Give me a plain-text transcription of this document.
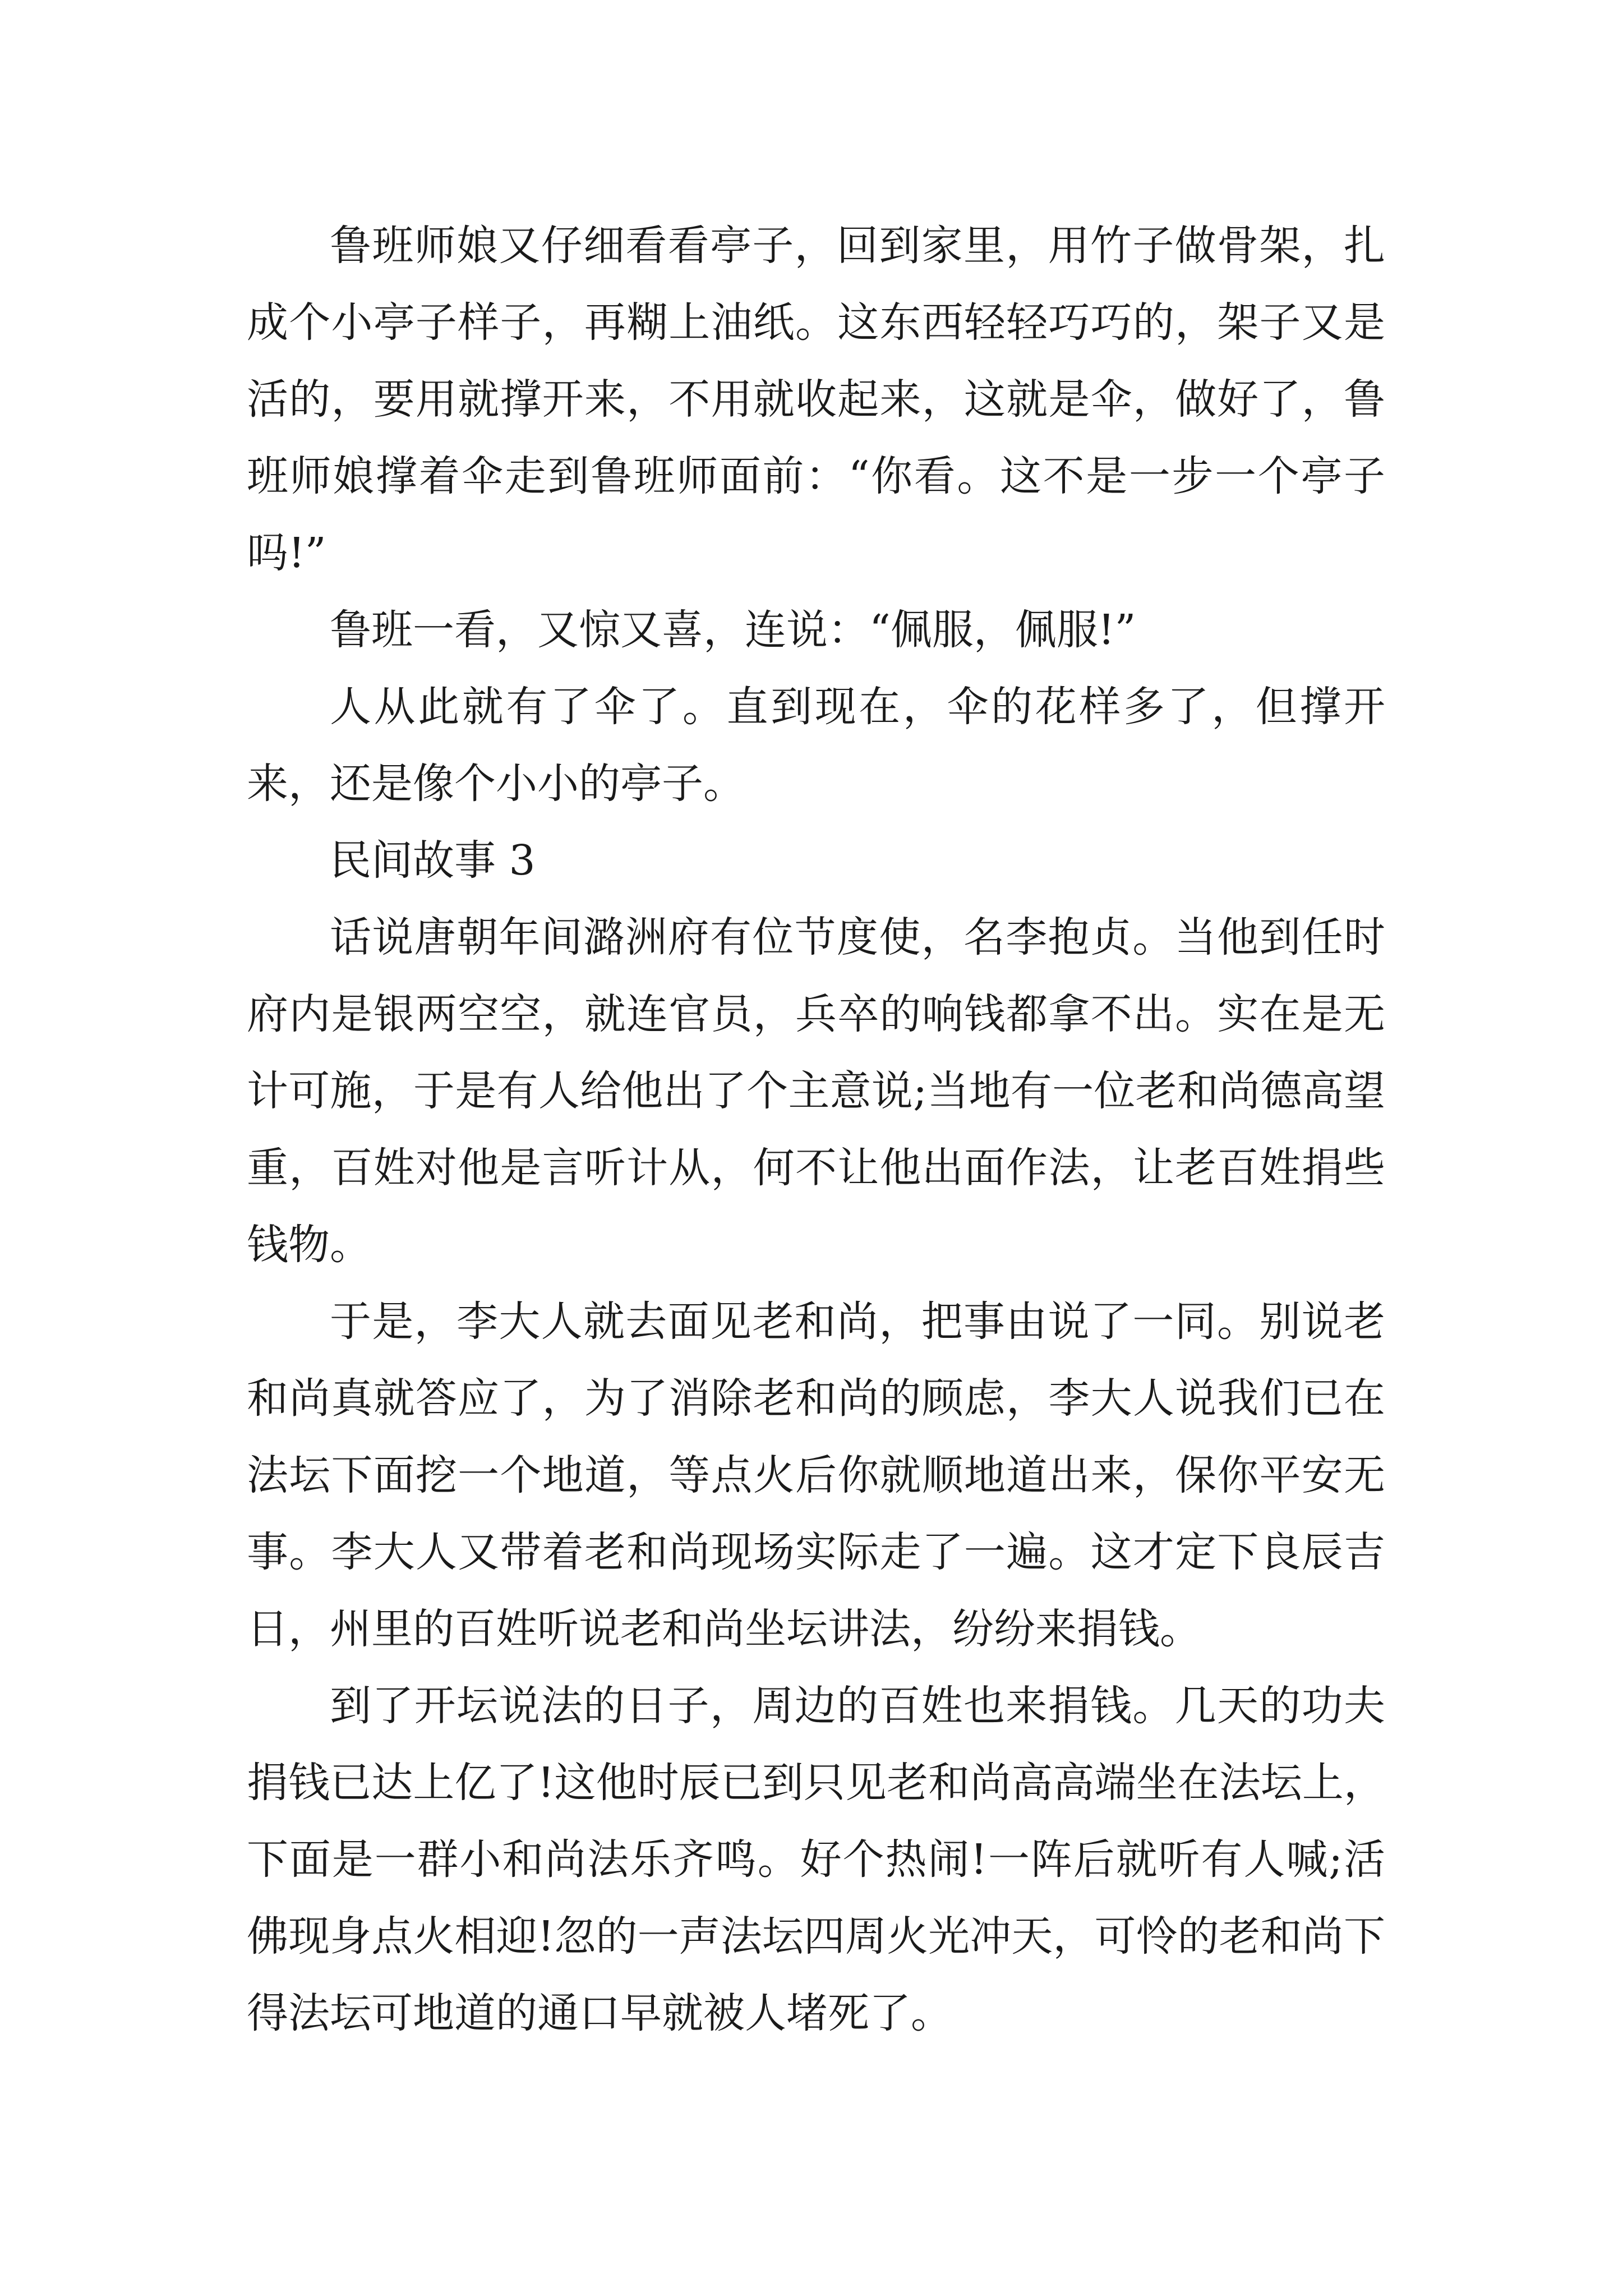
鲁班师娘又仔细看看亭子，回到家里，用竹子做骨架，扎成个小亭子样子，再糊上油纸。这东西轻轻巧巧的，架子又是活的，要用就撑开来，不用就收起来，这就是伞，做好了，鲁班师娘撑着伞走到鲁班师面前：“你看。这不是一步一个亭子吗!”

鲁班一看，又惊又喜，连说：“佩服，佩服!”

人从此就有了伞了。直到现在，伞的花样多了，但撑开来，还是像个小小的亭子。

民间故事 3

话说唐朝年间潞洲府有位节度使，名李抱贞。当他到任时府内是银两空空，就连官员，兵卒的响钱都拿不出。实在是无计可施，于是有人给他出了个主意说;当地有一位老和尚德高望重，百姓对他是言听计从，何不让他出面作法，让老百姓捐些钱物。

于是，李大人就去面见老和尚，把事由说了一同。别说老和尚真就答应了，为了消除老和尚的顾虑，李大人说我们已在法坛下面挖一个地道，等点火后你就顺地道出来，保你平安无事。李大人又带着老和尚现场实际走了一遍。这才定下良辰吉日，州里的百姓听说老和尚坐坛讲法，纷纷来捐钱。

到了开坛说法的日子，周边的百姓也来捐钱。几天的功夫捐钱已达上亿了!这他时辰已到只见老和尚高高端坐在法坛上，下面是一群小和尚法乐齐鸣。好个热闹!一阵后就听有人喊;活佛现身点火相迎!忽的一声法坛四周火光冲天，可怜的老和尚下得法坛可地道的通口早就被人堵死了。
